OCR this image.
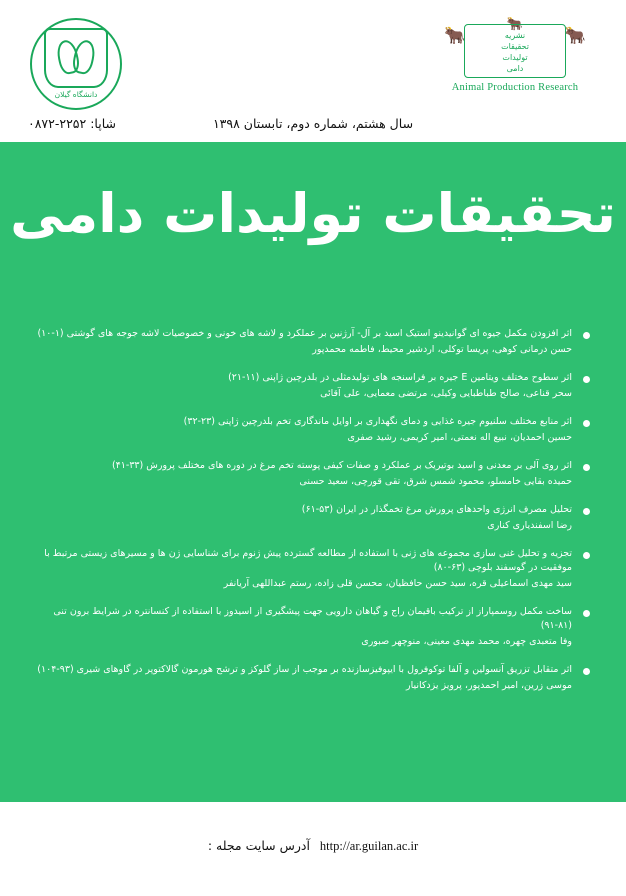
دانشگاه گیلان
🐂
🐂	🐂
نشریه
تحقیقات
تولیدات
دامی
Animal Production Research
سال هشتم، شماره دوم، تابستان ۱۳۹۸
شاپا: ۲۲۵۲-۰۸۷۲
تحقیقات تولیدات دامی
اثر افزودن مکمل جیوه ای گوانیدینو استیک اسید بر آل- آرژنین بر عملکرد و لاشه های خونی و خصوصیات لاشه جوجه های گوشتی (۱-۱۰)
حسن درمانی کوهی، پریسا توکلی، اردشیر محیط، فاطمه محمدپور
اثر سطوح مختلف ویتامین E جیره بر فراسنجه های تولیدمثلی در بلدرچین ژاپنی (۱۱-۲۱)
سحر قناعی، صالح طباطبایی وکیلی، مرتضی معمایی، علی آقائی
اثر منابع مختلف سلنیوم جیره غذایی و دمای نگهداری بر اوایل ماندگاری تخم بلدرچین ژاپنی (۲۳-۳۲)
حسین احمدیان، نبیع اله نعمتی، امیر کریمی، رشید صفری
اثر روی آلی بر معدنی و اسید بوتیریک بر عملکرد و صفات کیفی پوسته تخم مرغ در دوره های مختلف پرورش (۳۳-۴۱)
حمیده بقایی خامسلو، محمود شمس شرق، تقی قورچی، سعید حسنی
تحلیل مصرف انرژی واحدهای پرورش مرغ تخمگذار در ایران (۵۳-۶۱)
رضا اسفندیاری کناری
تجزیه و تحلیل غنی سازی مجموعه های ژنی با استفاده از مطالعه گسترده پیش ژنوم برای شناسایی ژن ها و مسیرهای زیستی مرتبط با موفقیت در گوسفند بلوچی (۶۳-۸۰)
سید مهدی اسماعیلی قره، سید حسن حافظیان، محسن قلی زاده، رستم عبداللهی آریانفر
ساخت مکمل روسمپاراز از ترکیب باقیمان راج و گیاهان دارویی جهت پیشگیری از اسیدوز با استفاده از کنسانتره در شرایط برون تنی (۸۱-۹۱)
وفا متعبدی چهره، محمد مهدی معینی، منوچهر صبوری
اثر متقابل تزریق آنسولین و آلفا توکوفرول با ایپوفیزسازنده بر موجب از ساز گلوکز و ترشح هورمون گالاکتوپر در گاوهای شیری (۹۳-۱۰۴)
موسی زرین، امیر احمدپور، پرویز یزدکانیار
http://ar.guilan.ac.ir آدرس سایت مجله :
